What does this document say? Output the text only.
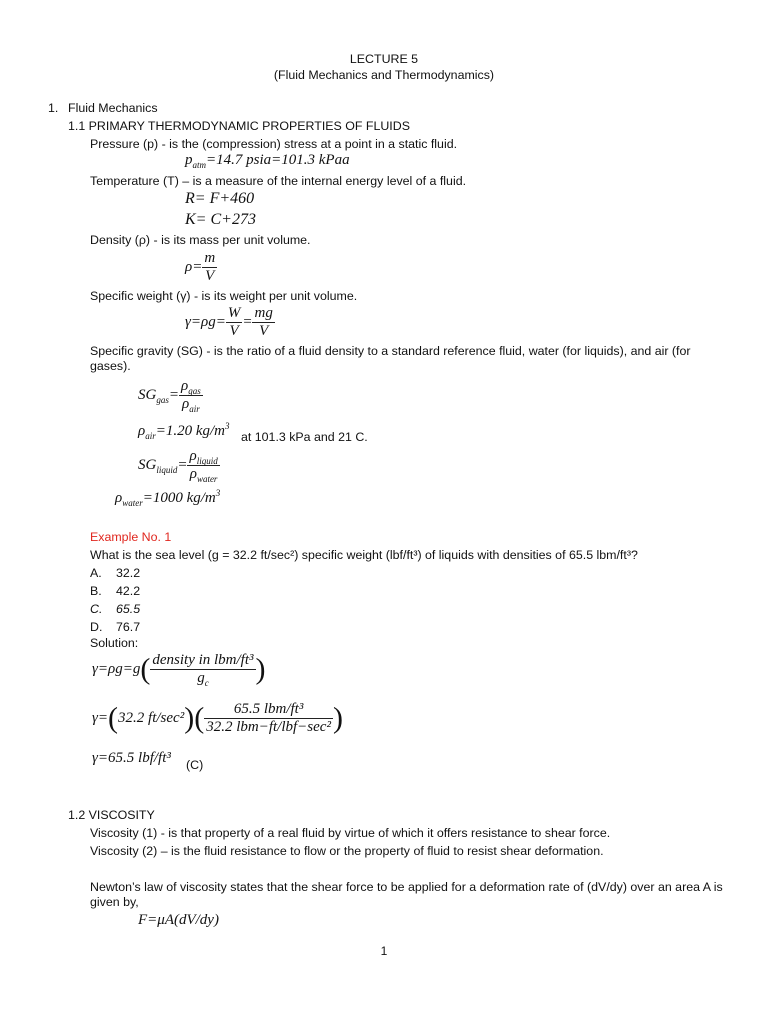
LECTURE 5
(Fluid Mechanics and Thermodynamics)
1. Fluid Mechanics
1.1 PRIMARY THERMODYNAMIC PROPERTIES OF FLUIDS
Pressure (p) - is the (compression) stress at a point in a static fluid.
$p_{atm}=14.7$ psia=101.3 kPaa
Temperature (T) – is a measure of the internal energy level of a fluid.
R= F+460
K= C+273
Density (ρ) - is its mass per unit volume.
$\rho= \frac{m}{V}$
Specific weight (γ) - is its weight per unit volume.
$\gamma=\rho g= \frac{W}{V} = \frac{mg}{V}$
Specific gravity (SG) - is the ratio of a fluid density to a standard reference fluid, water (for liquids), and air (for gases).
$SG_{gas}= \frac{\rho_{gas}}{\rho_{air}}$
$\rho_{air}=1.20$ $kg/m^3$
at 101.3 kPa and 21 C.
$SG_{liquid}= \frac{\rho_{liquid}}{\rho_{water}}$
$\rho_{water}=1000$ $kg/m^3$
Example No. 1
What is the sea level (g = 32.2 ft/sec²) specific weight (lbf/ft³) of liquids with densities of 65.5 lbm/ft³?
A. 32.2
B. 42.2
C. 65.5
D. 76.7
Solution:
$\gamma=\rho g=g( \frac{\text{density in lbm/ft³}}{g_c}$ )
γ=(32.2 $ft/\sec^2)( \frac{\text{65.5 lbm/ft³}}{\text{32.2 lbm−ft/lbf−sec²}}$ )
γ=65.5 lbf/ft³ (C)
1.2 VISCOSITY
Viscosity (1) - is that property of a real fluid by virtue of which it offers resistance to shear force.
Viscosity (2) – is the fluid resistance to flow or the property of fluid to resist shear deformation.
Newton’s law of viscosity states that the shear force to be applied for a deformation rate of (dV/dy) over an area A is given by,
F=μA(dV/dy)
1
